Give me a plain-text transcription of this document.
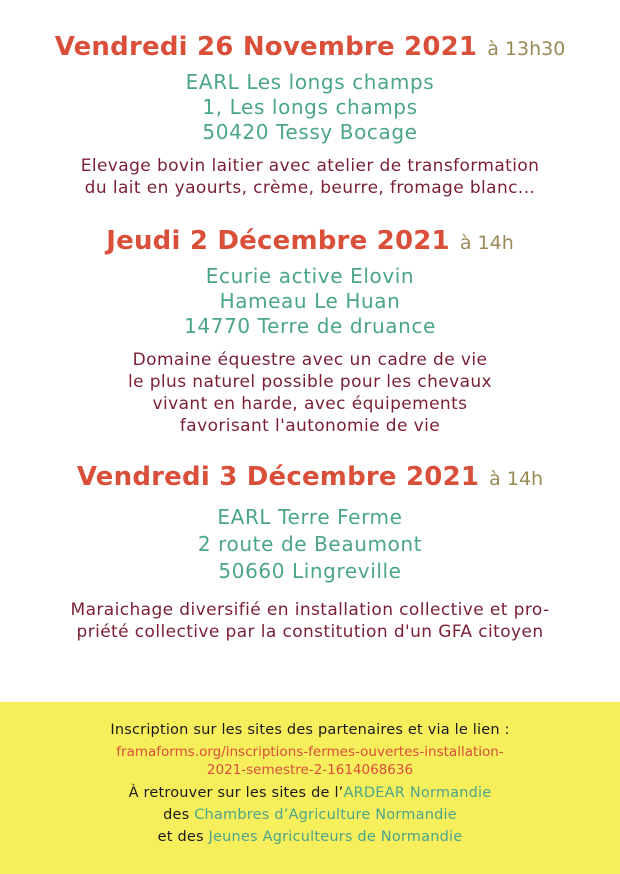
Vendredi 26 Novembre 2021 à 13h30
EARL Les longs champs
1, Les longs champs
50420 Tessy Bocage
Elevage bovin laitier avec atelier de transformation
du lait en yaourts, crème, beurre, fromage blanc...
Jeudi 2 Décembre 2021 à 14h
Ecurie active Elovin
Hameau Le Huan
14770 Terre de druance
Domaine équestre avec un cadre de vie
le plus naturel possible pour les chevaux
vivant en harde, avec équipements
favorisant l'autonomie de vie
Vendredi 3 Décembre 2021 à 14h
EARL Terre Ferme
2 route de Beaumont
50660 Lingreville
Maraichage diversifié en installation collective et pro-
priété collective par la constitution d'un GFA citoyen
Inscription sur les sites des partenaires et via le lien :
framaforms.org/inscriptions-fermes-ouvertes-installation-
2021-semestre-2-1614068636
À retrouver sur les sites de l’ARDEAR Normandie
des Chambres d’Agriculture Normandie
et des Jeunes Agriculteurs de Normandie
